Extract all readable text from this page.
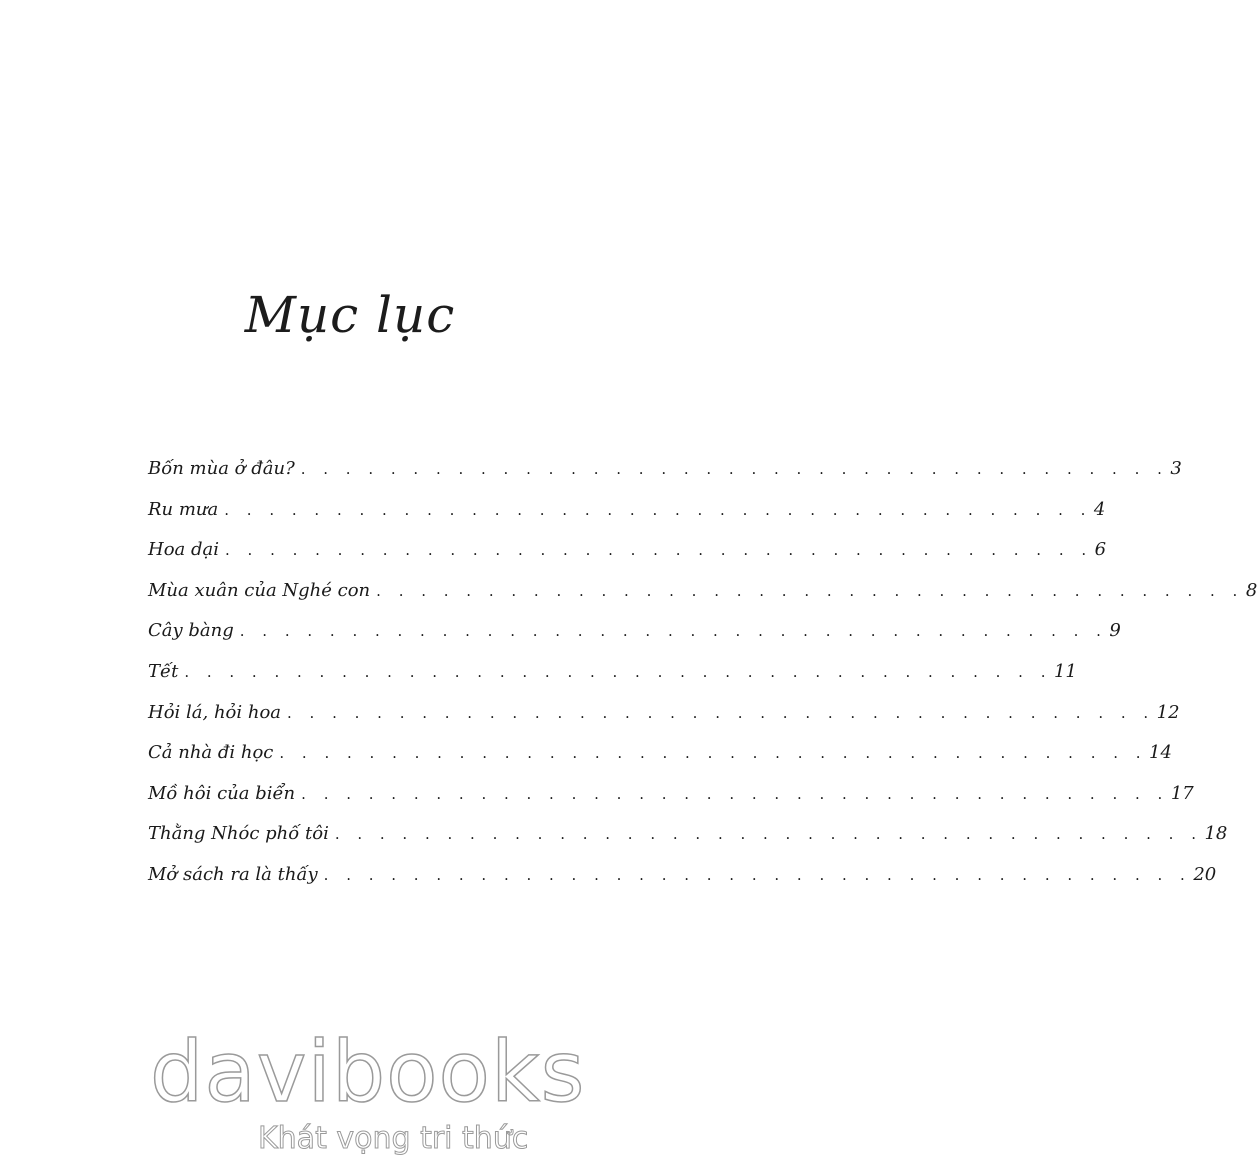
Mục lục
Bốn mùa ở đâu? . . . . . . . . . . . . . . . . . . . . . . . . . . . . . . . . . . . . . . . 3
Ru mưa . . . . . . . . . . . . . . . . . . . . . . . . . . . . . . . . . . . . . . . 4
Hoa dại . . . . . . . . . . . . . . . . . . . . . . . . . . . . . . . . . . . . . . . 6
Mùa xuân của Nghé con . . . . . . . . . . . . . . . . . . . . . . . . . . . . . . . . . . . . . . . 8
Cây bàng . . . . . . . . . . . . . . . . . . . . . . . . . . . . . . . . . . . . . . . 9
Tết . . . . . . . . . . . . . . . . . . . . . . . . . . . . . . . . . . . . . . . 11
Hỏi lá, hỏi hoa . . . . . . . . . . . . . . . . . . . . . . . . . . . . . . . . . . . . . . . 12
Cả nhà đi học . . . . . . . . . . . . . . . . . . . . . . . . . . . . . . . . . . . . . . . 14
Mồ hôi của biển . . . . . . . . . . . . . . . . . . . . . . . . . . . . . . . . . . . . . . . 17
Thằng Nhóc phố tôi . . . . . . . . . . . . . . . . . . . . . . . . . . . . . . . . . . . . . . . 18
Mở sách ra là thấy . . . . . . . . . . . . . . . . . . . . . . . . . . . . . . . . . . . . . . . 20
davibooks
Khát vọng tri thức
